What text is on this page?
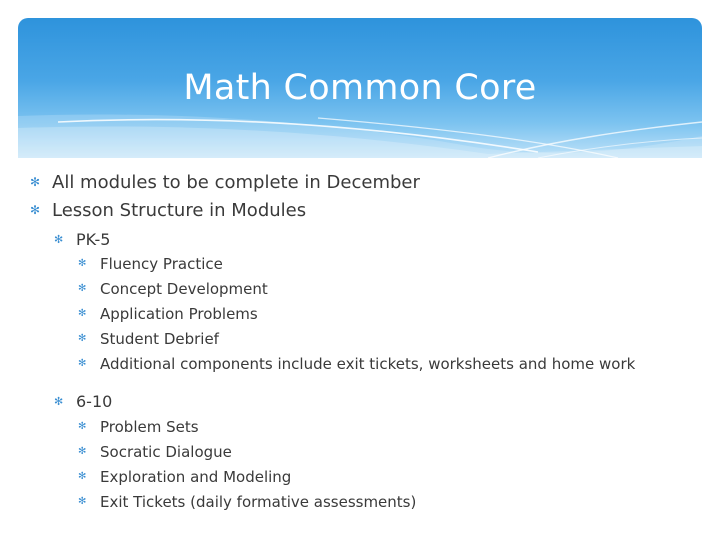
Math Common Core
✻ All modules to be complete in December
✻ Lesson Structure in Modules
✻ PK-5
✻ Fluency Practice
✻ Concept Development
✻ Application Problems
✻ Student Debrief
✻ Additional components include exit tickets, worksheets and home work
✻ 6-10
✻ Problem Sets
✻ Socratic Dialogue
✻ Exploration and Modeling
✻ Exit Tickets (daily formative assessments)
